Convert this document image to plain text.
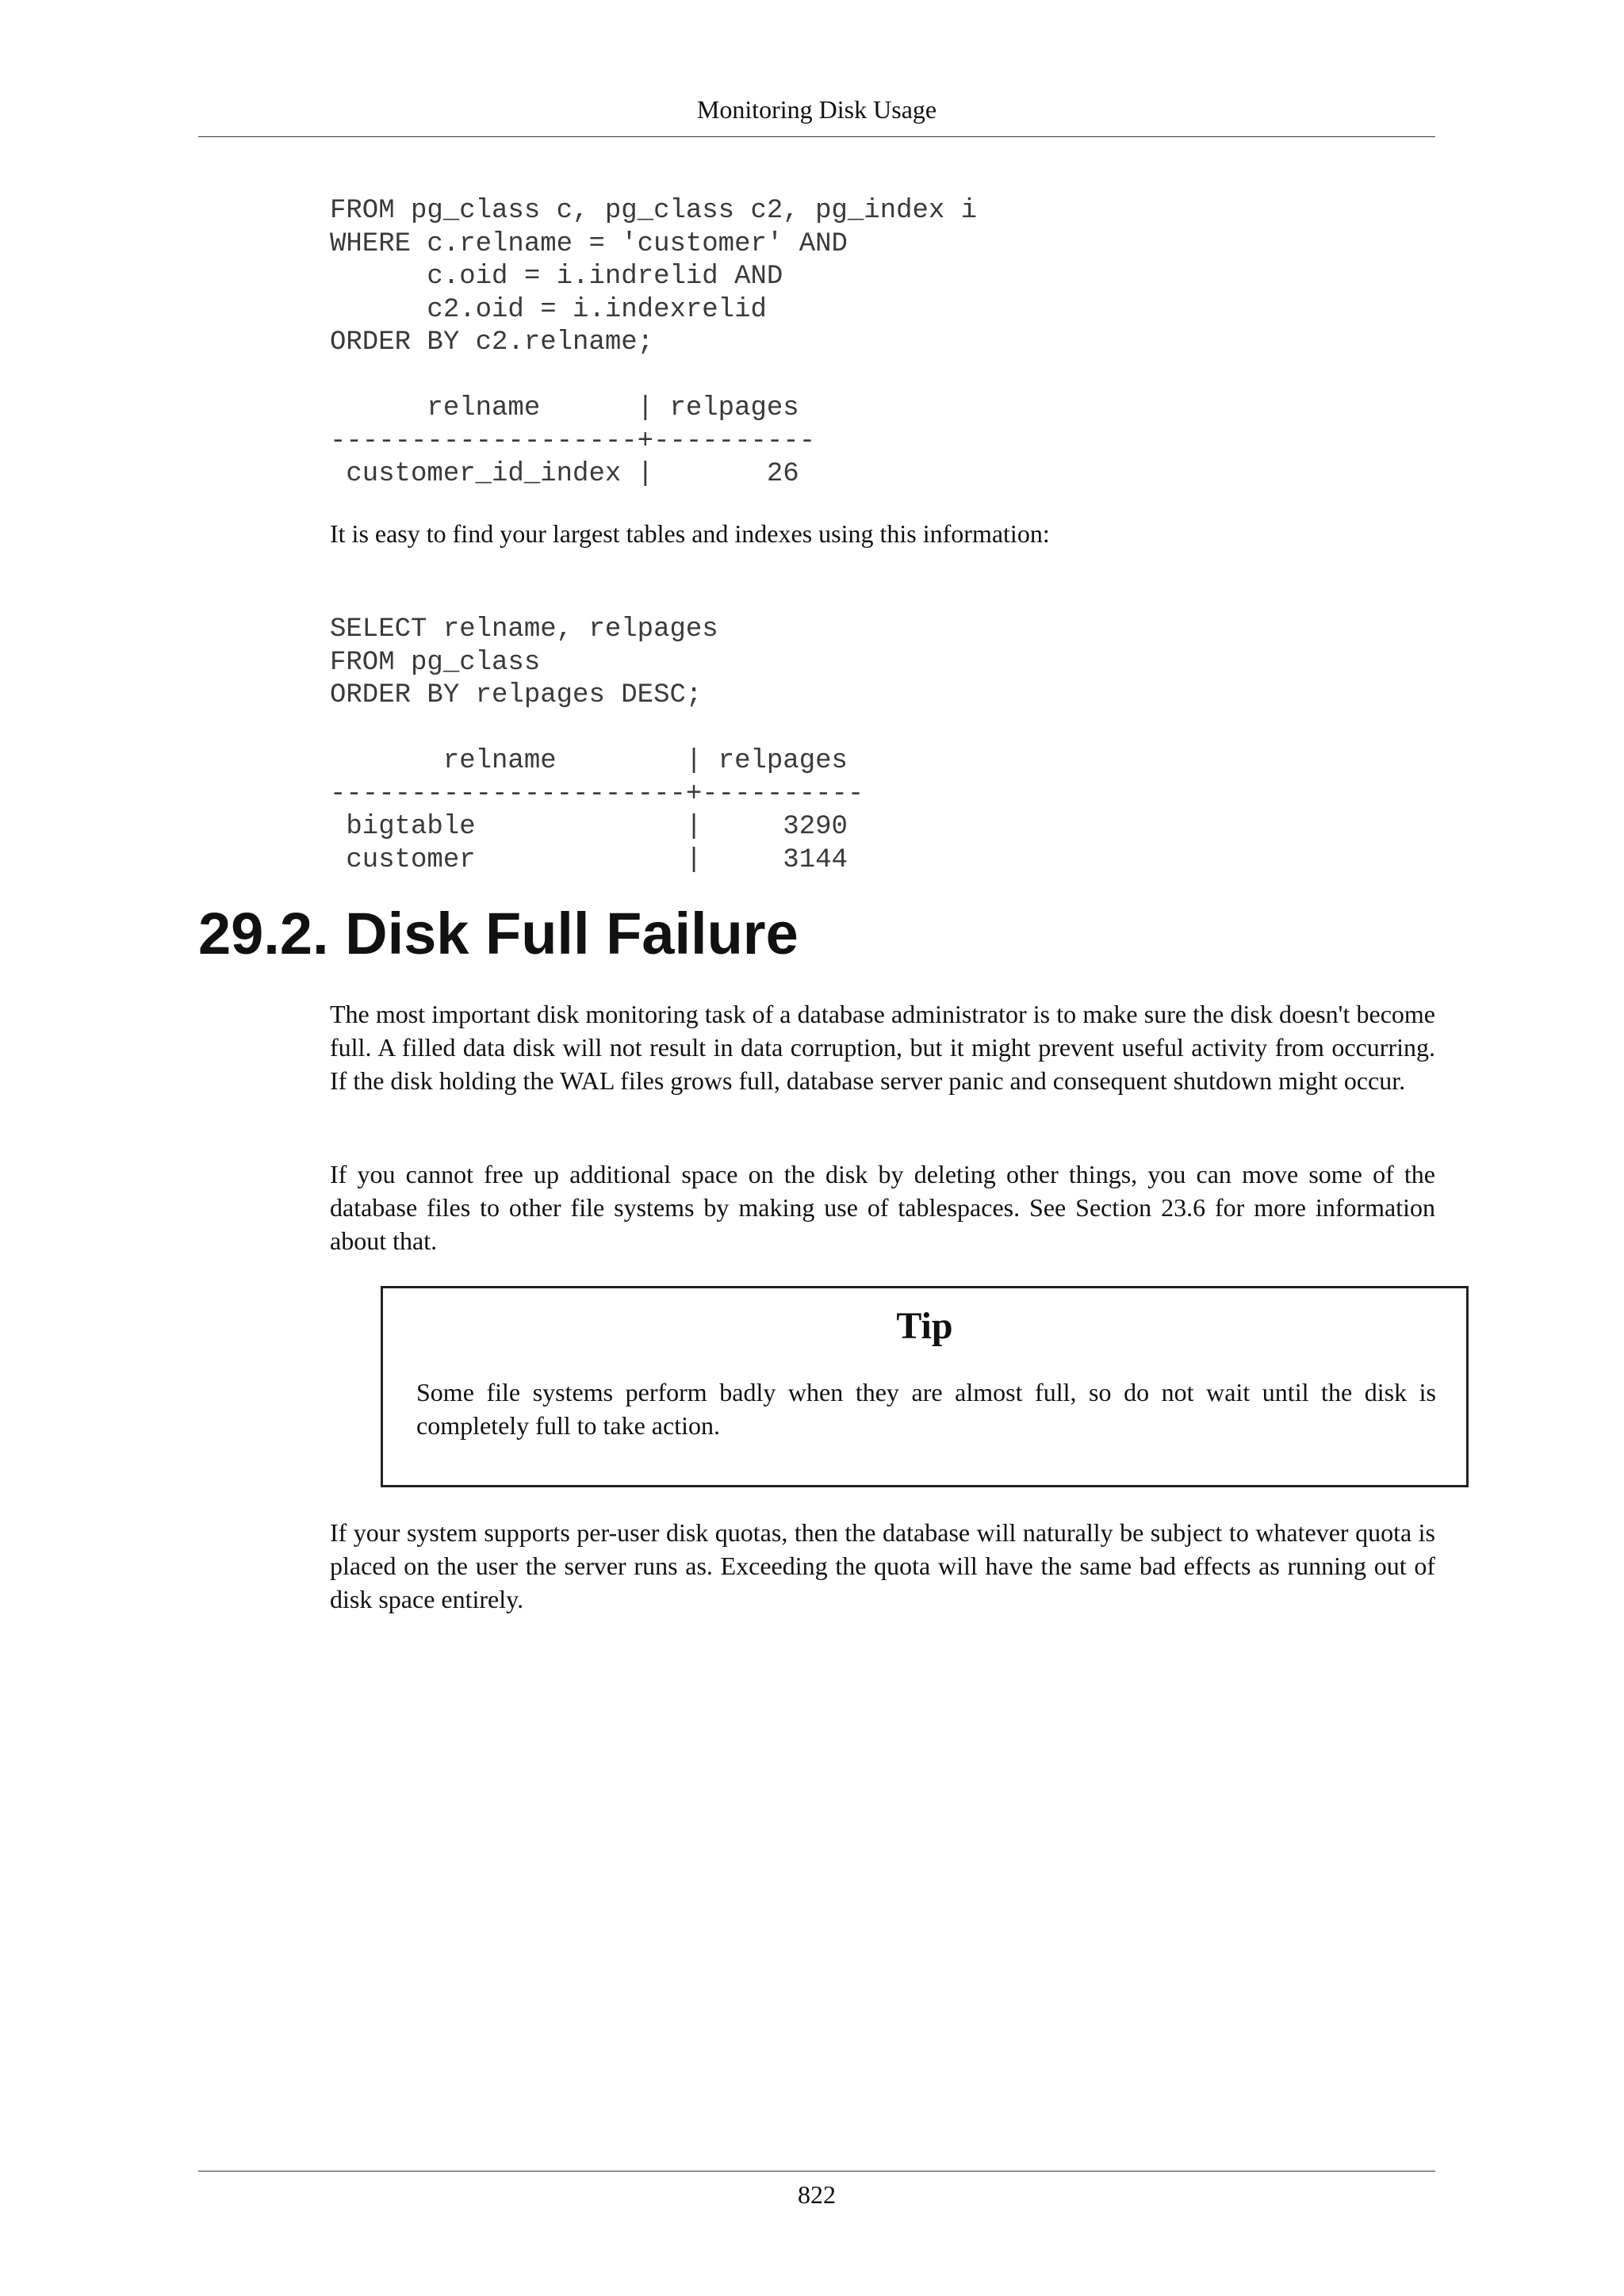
Monitoring Disk Usage
FROM pg_class c, pg_class c2, pg_index i
WHERE c.relname = 'customer' AND
c.oid = i.indrelid AND
c2.oid = i.indexrelid
ORDER BY c2.relname;

relname      | relpages
-------------------+----------
customer_id_index |       26

It is easy to find your largest tables and indexes using this information:

SELECT relname, relpages
FROM pg_class
ORDER BY relpages DESC;

relname        | relpages
----------------------+----------
bigtable             |     3290
customer             |     3144
29.2. Disk Full Failure

The most important disk monitoring task of a database administrator is to make sure the disk doesn't become full. A filled data disk will not result in data corruption, but it might prevent useful activity from occurring. If the disk holding the WAL files grows full, database server panic and consequent shutdown might occur.

If you cannot free up additional space on the disk by deleting other things, you can move some of the database files to other file systems by making use of tablespaces. See Section 23.6 for more information about that.

Tip

Some file systems perform badly when they are almost full, so do not wait until the disk is completely full to take action.

If your system supports per-user disk quotas, then the database will naturally be subject to whatever quota is placed on the user the server runs as. Exceeding the quota will have the same bad effects as running out of disk space entirely.

822
